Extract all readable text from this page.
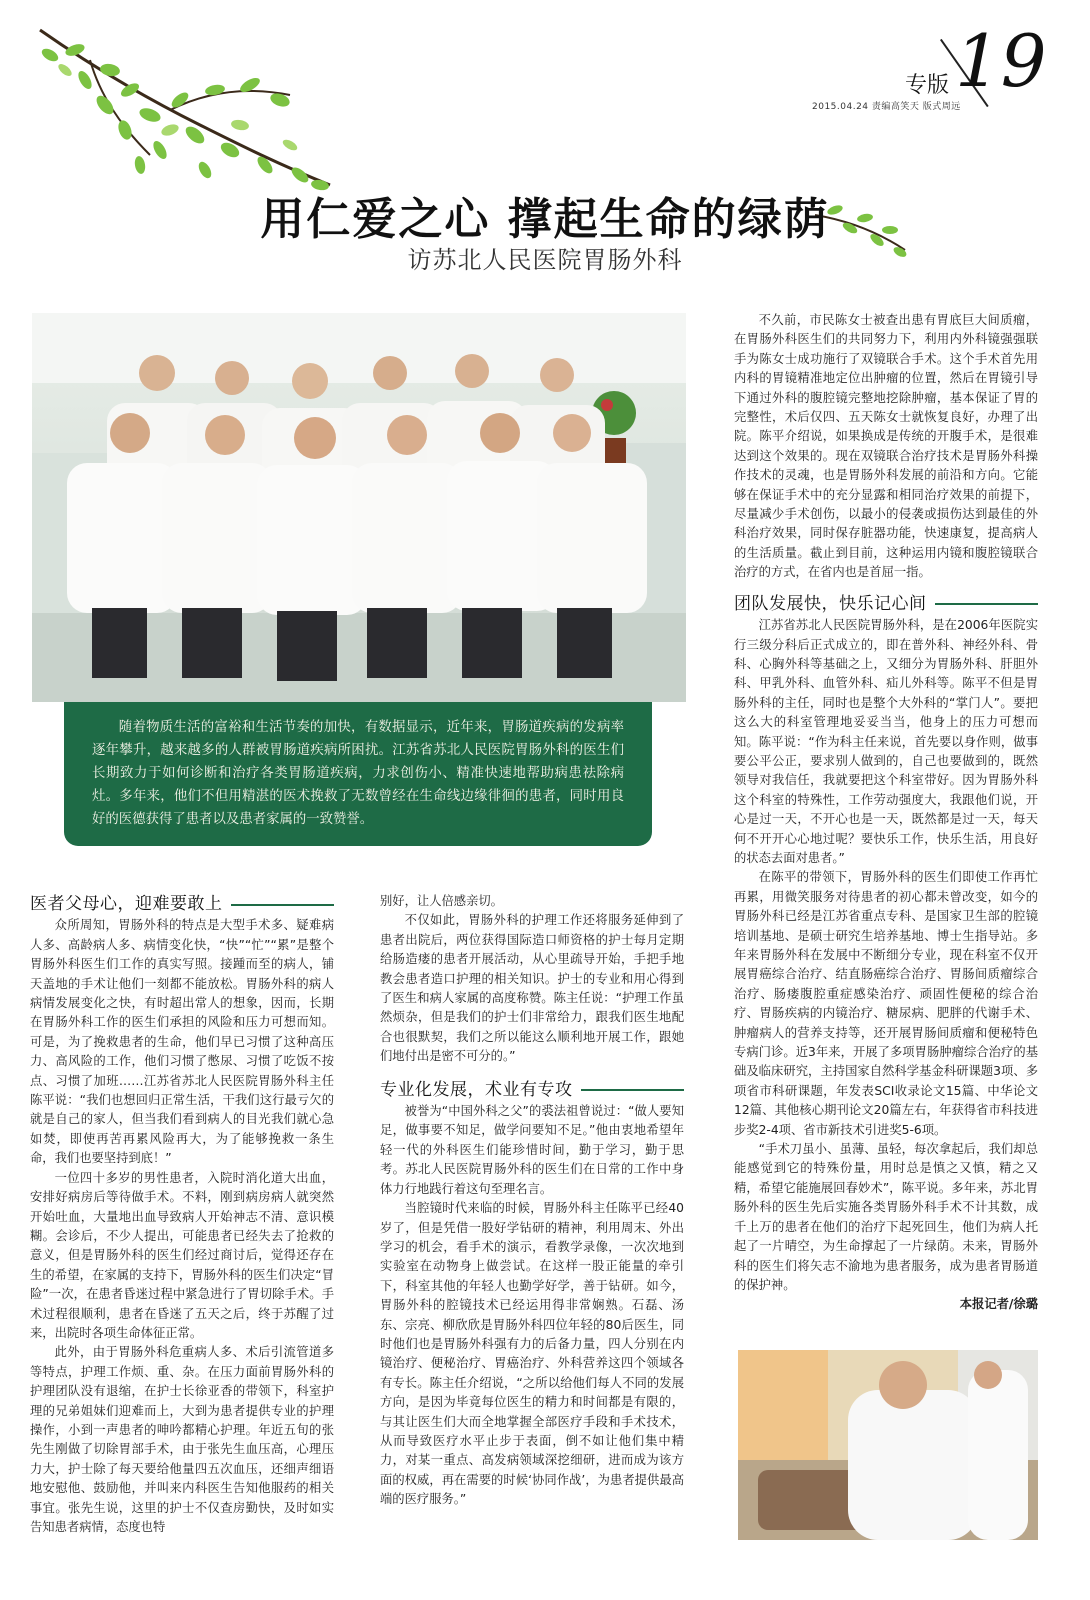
专版 19
2015.04.24 责编高笑天 版式周远
用仁爱之心 撑起生命的绿荫
访苏北人民医院胃肠外科
随着物质生活的富裕和生活节奏的加快，有数据显示，近年来，胃肠道疾病的发病率逐年攀升，越来越多的人群被胃肠道疾病所困扰。江苏省苏北人民医院胃肠外科的医生们长期致力于如何诊断和治疗各类胃肠道疾病，力求创伤小、精准快速地帮助病患祛除病灶。多年来，他们不但用精湛的医术挽救了无数曾经在生命线边缘徘徊的患者，同时用良好的医德获得了患者以及患者家属的一致赞誉。
医者父母心，迎难要敢上

众所周知，胃肠外科的特点是大型手术多、疑难病人多、高龄病人多、病情变化快，“快”“忙”“累”是整个胃肠外科医生们工作的真实写照。接踵而至的病人，铺天盖地的手术让他们一刻都不能放松。胃肠外科的病人病情发展变化之快，有时超出常人的想象，因而，长期在胃肠外科工作的医生们承担的风险和压力可想而知。可是，为了挽救患者的生命，他们早已习惯了这种高压力、高风险的工作，他们习惯了憋尿、习惯了吃饭不按点、习惯了加班……江苏省苏北人民医院胃肠外科主任陈平说：“我们也想回归正常生活，干我们这行最亏欠的就是自己的家人，但当我们看到病人的目光我们就心急如焚，即使再苦再累风险再大，为了能够挽救一条生命，我们也要坚持到底！”

一位四十多岁的男性患者，入院时消化道大出血，安排好病房后等待做手术。不料，刚到病房病人就突然开始吐血，大量地出血导致病人开始神志不清、意识模糊。会诊后，不少人提出，可能患者已经失去了抢救的意义，但是胃肠外科的医生们经过商讨后，觉得还存在生的希望，在家属的支持下，胃肠外科的医生们决定“冒险”一次，在患者昏迷过程中紧急进行了胃切除手术。手术过程很顺利，患者在昏迷了五天之后，终于苏醒了过来，出院时各项生命体征正常。

此外，由于胃肠外科危重病人多、术后引流管道多等特点，护理工作烦、重、杂。在压力面前胃肠外科的护理团队没有退缩，在护士长徐亚香的带领下，科室护理的兄弟姐妹们迎难而上，大到为患者提供专业的护理操作，小到一声患者的呻吟都精心护理。年近五旬的张先生刚做了切除胃部手术，由于张先生血压高，心理压力大，护士除了每天要给他量四五次血压，还细声细语地安慰他、鼓励他，并叫来内科医生告知他服药的相关事宜。张先生说，这里的护士不仅查房勤快，及时如实告知患者病情，态度也特

别好，让人倍感亲切。

不仅如此，胃肠外科的护理工作还将服务延伸到了患者出院后，两位获得国际造口师资格的护士每月定期给肠造瘘的患者开展活动，从心里疏导开始，手把手地教会患者造口护理的相关知识。护士的专业和用心得到了医生和病人家属的高度称赞。陈主任说：“护理工作虽然烦杂，但是我们的护士们非常给力，跟我们医生地配合也很默契，我们之所以能这么顺利地开展工作，跟她们地付出是密不可分的。”

专业化发展，术业有专攻

被誉为“中国外科之父”的裘法祖曾说过：“做人要知足，做事要不知足，做学问要知不足。”他由衷地希望年轻一代的外科医生们能珍惜时间，勤于学习，勤于思考。苏北人民医院胃肠外科的医生们在日常的工作中身体力行地践行着这句至理名言。

当腔镜时代来临的时候，胃肠外科主任陈平已经40岁了，但是凭借一股好学钻研的精神，利用周末、外出学习的机会，看手术的演示，看教学录像，一次次地到实验室在动物身上做尝试。在这样一股正能量的牵引下，科室其他的年轻人也勤学好学，善于钻研。如今，胃肠外科的腔镜技术已经运用得非常娴熟。石磊、汤东、宗亮、柳欣欣是胃肠外科四位年轻的80后医生，同时他们也是胃肠外科强有力的后备力量，四人分别在内镜治疗、便秘治疗、胃癌治疗、外科营养这四个领域各有专长。陈主任介绍说，“之所以给他们每人不同的发展方向，是因为毕竟每位医生的精力和时间都是有限的，与其让医生们大而全地掌握全部医疗手段和手术技术，从而导致医疗水平止步于表面，倒不如让他们集中精力，对某一重点、高发病领域深挖细研，进而成为该方面的权威，再在需要的时候‘协同作战’，为患者提供最高端的医疗服务。”

不久前，市民陈女士被查出患有胃底巨大间质瘤，在胃肠外科医生们的共同努力下，利用内外科镜强强联手为陈女士成功施行了双镜联合手术。这个手术首先用内科的胃镜精准地定位出肿瘤的位置，然后在胃镜引导下通过外科的腹腔镜完整地挖除肿瘤，基本保证了胃的完整性，术后仅四、五天陈女士就恢复良好，办理了出院。陈平介绍说，如果换成是传统的开腹手术，是很难达到这个效果的。现在双镜联合治疗技术是胃肠外科操作技术的灵魂，也是胃肠外科发展的前沿和方向。它能够在保证手术中的充分显露和相同治疗效果的前提下，尽量减少手术创伤，以最小的侵袭或损伤达到最佳的外科治疗效果，同时保存脏器功能，快速康复，提高病人的生活质量。截止到目前，这种运用内镜和腹腔镜联合治疗的方式，在省内也是首屈一指。

团队发展快，快乐记心间

江苏省苏北人民医院胃肠外科，是在2006年医院实行三级分科后正式成立的，即在普外科、神经外科、骨科、心胸外科等基础之上，又细分为胃肠外科、肝胆外科、甲乳外科、血管外科、疝儿外科等。陈平不但是胃肠外科的主任，同时也是整个大外科的“掌门人”。要把这么大的科室管理地妥妥当当，他身上的压力可想而知。陈平说：“作为科主任来说，首先要以身作则，做事要公平公正，要求别人做到的，自己也要做到的，既然领导对我信任，我就要把这个科室带好。因为胃肠外科这个科室的特殊性，工作劳动强度大，我跟他们说，开心是过一天，不开心也是一天，既然都是过一天，每天何不开开心心地过呢？要快乐工作，快乐生活，用良好的状态去面对患者。”

在陈平的带领下，胃肠外科的医生们即使工作再忙再累，用微笑服务对待患者的初心都未曾改变，如今的胃肠外科已经是江苏省重点专科、是国家卫生部的腔镜培训基地、是硕士研究生培养基地、博士生指导站。多年来胃肠外科在发展中不断细分专业，现在科室不仅开展胃癌综合治疗、结直肠癌综合治疗、胃肠间质瘤综合治疗、肠瘘腹腔重症感染治疗、顽固性便秘的综合治疗、胃肠疾病的内镜治疗、糖尿病、肥胖的代谢手术、肿瘤病人的营养支持等，还开展胃肠间质瘤和便秘特色专病门诊。近3年来，开展了多项胃肠肿瘤综合治疗的基础及临床研究，主持国家自然科学基金科研课题3项、多项省市科研课题，年发表SCI收录论文15篇、中华论文12篇、其他核心期刊论文20篇左右，年获得省市科技进步奖2-4项、省市新技术引进奖5-6项。

“手术刀虽小、虽薄、虽轻，每次拿起后，我们却总能感觉到它的特殊份量，用时总是慎之又慎，精之又精，希望它能施展回春妙术”，陈平说。多年来，苏北胃肠外科的医生先后实施各类胃肠外科手术不计其数，成千上万的患者在他们的治疗下起死回生，他们为病人托起了一片晴空，为生命撑起了一片绿荫。未来，胃肠外科的医生们将矢志不渝地为患者服务，成为患者胃肠道的保护神。

本报记者/徐璐
